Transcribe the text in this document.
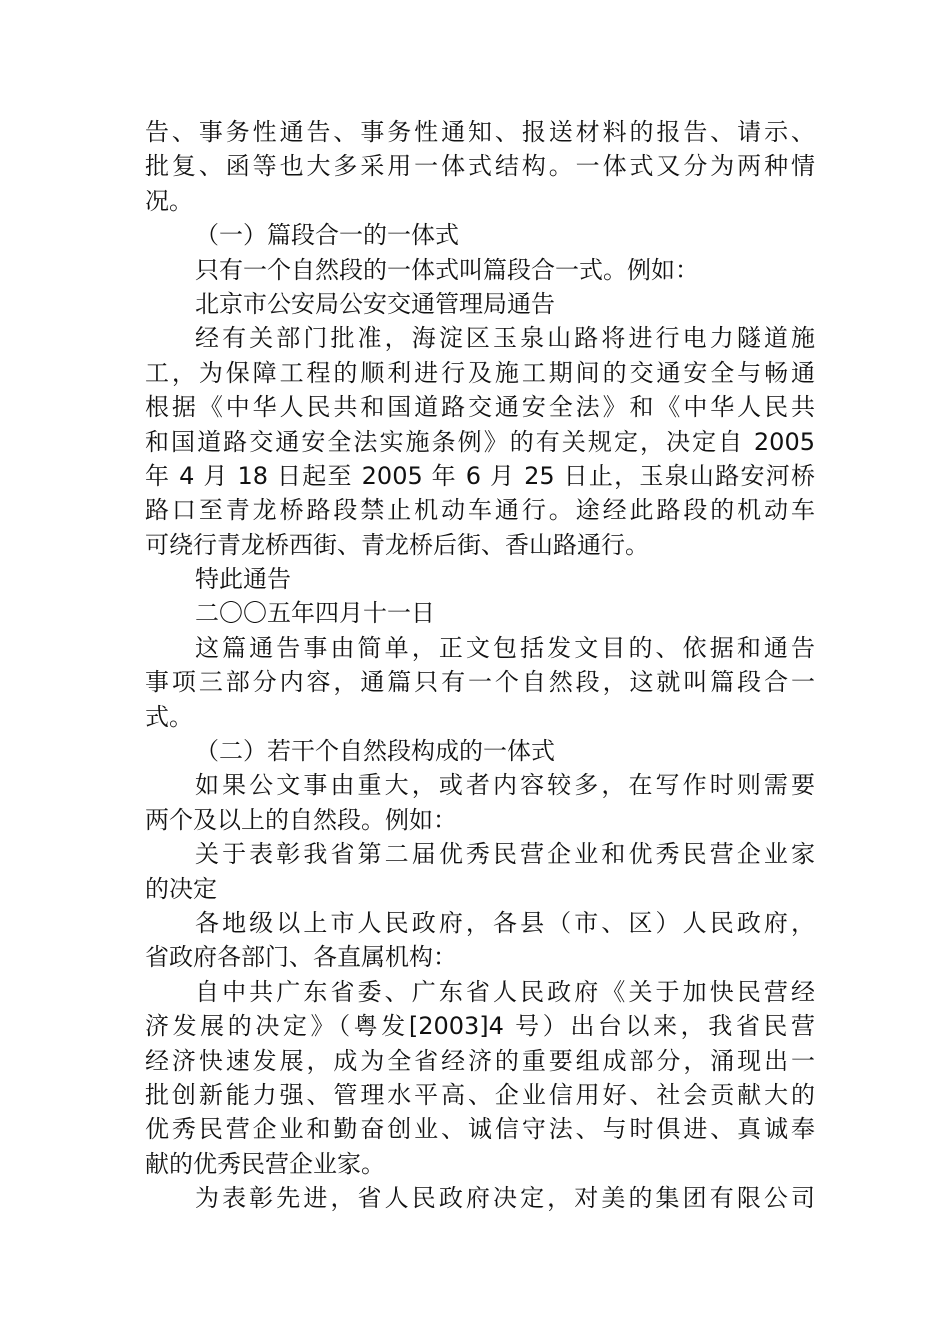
告、事务性通告、事务性通知、报送材料的报告、请示、
批复、函等也大多采用一体式结构。一体式又分为两种情
况。
（一）篇段合一的一体式
只有一个自然段的一体式叫篇段合一式。例如：
北京市公安局公安交通管理局通告
经有关部门批准，海淀区玉泉山路将进行电力隧道施
工，为保障工程的顺利进行及施工期间的交通安全与畅通
根据《中华人民共和国道路交通安全法》和《中华人民共
和国道路交通安全法实施条例》的有关规定，决定自 2005
年 4 月 18 日起至 2005 年 6 月 25 日止，玉泉山路安河桥
路口至青龙桥路段禁止机动车通行。途经此路段的机动车
可绕行青龙桥西街、青龙桥后街、香山路通行。
特此通告
二〇〇五年四月十一日
这篇通告事由简单，正文包括发文目的、依据和通告
事项三部分内容，通篇只有一个自然段，这就叫篇段合一
式。
（二）若干个自然段构成的一体式
如果公文事由重大，或者内容较多，在写作时则需要
两个及以上的自然段。例如：
关于表彰我省第二届优秀民营企业和优秀民营企业家
的决定
各地级以上市人民政府，各县（市、区）人民政府，
省政府各部门、各直属机构：
自中共广东省委、广东省人民政府《关于加快民营经
济发展的决定》（粤发[2003]4 号）出台以来，我省民营
经济快速发展，成为全省经济的重要组成部分，涌现出一
批创新能力强、管理水平高、企业信用好、社会贡献大的
优秀民营企业和勤奋创业、诚信守法、与时俱进、真诚奉
献的优秀民营企业家。
为表彰先进，省人民政府决定，对美的集团有限公司
